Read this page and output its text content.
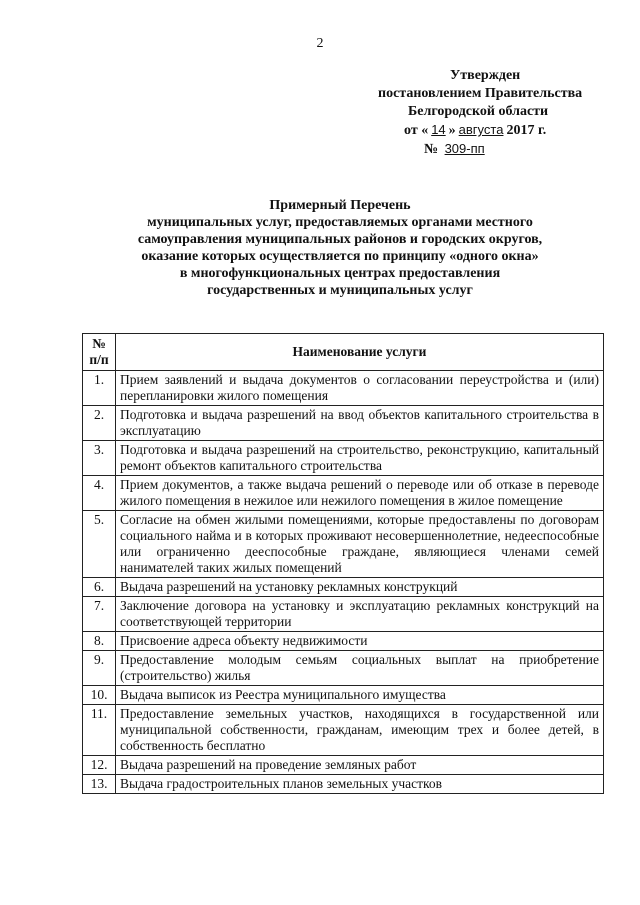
2
Утвержден
постановлением Правительства
Белгородской области
от « 14 » августа 2017 г.
№ 309-пп
Примерный Перечень
муниципальных услуг, предоставляемых органами местного
самоуправления муниципальных районов и городских округов,
оказание которых осуществляется по принципу «одного окна»
в многофункциональных центрах предоставления
государственных и муниципальных услуг
№
п/п	Наименование услуги
1.	Прием заявлений и выдача документов о согласовании переустройства и (или) перепланировки жилого помещения
2.	Подготовка и выдача разрешений на ввод объектов капитального строительства в эксплуатацию
3.	Подготовка и выдача разрешений на строительство, реконструкцию, капитальный ремонт объектов капитального строительства
4.	Прием документов, а также выдача решений о переводе или об отказе в переводе жилого помещения в нежилое или нежилого помещения в жилое помещение
5.	Согласие на обмен жилыми помещениями, которые предоставлены по договорам социального найма и в которых проживают несовершеннолетние, недееспособные или ограниченно дееспособные граждане, являющиеся членами семей нанимателей таких жилых помещений
6.	Выдача разрешений на установку рекламных конструкций
7.	Заключение договора на установку и эксплуатацию рекламных конструкций на соответствующей территории
8.	Присвоение адреса объекту недвижимости
9.	Предоставление молодым семьям социальных выплат на приобретение (строительство) жилья
10.	Выдача выписок из Реестра муниципального имущества
11.	Предоставление земельных участков, находящихся в государственной или муниципальной собственности, гражданам, имеющим трех и более детей, в собственность бесплатно
12.	Выдача разрешений на проведение земляных работ
13.	Выдача градостроительных планов земельных участков
